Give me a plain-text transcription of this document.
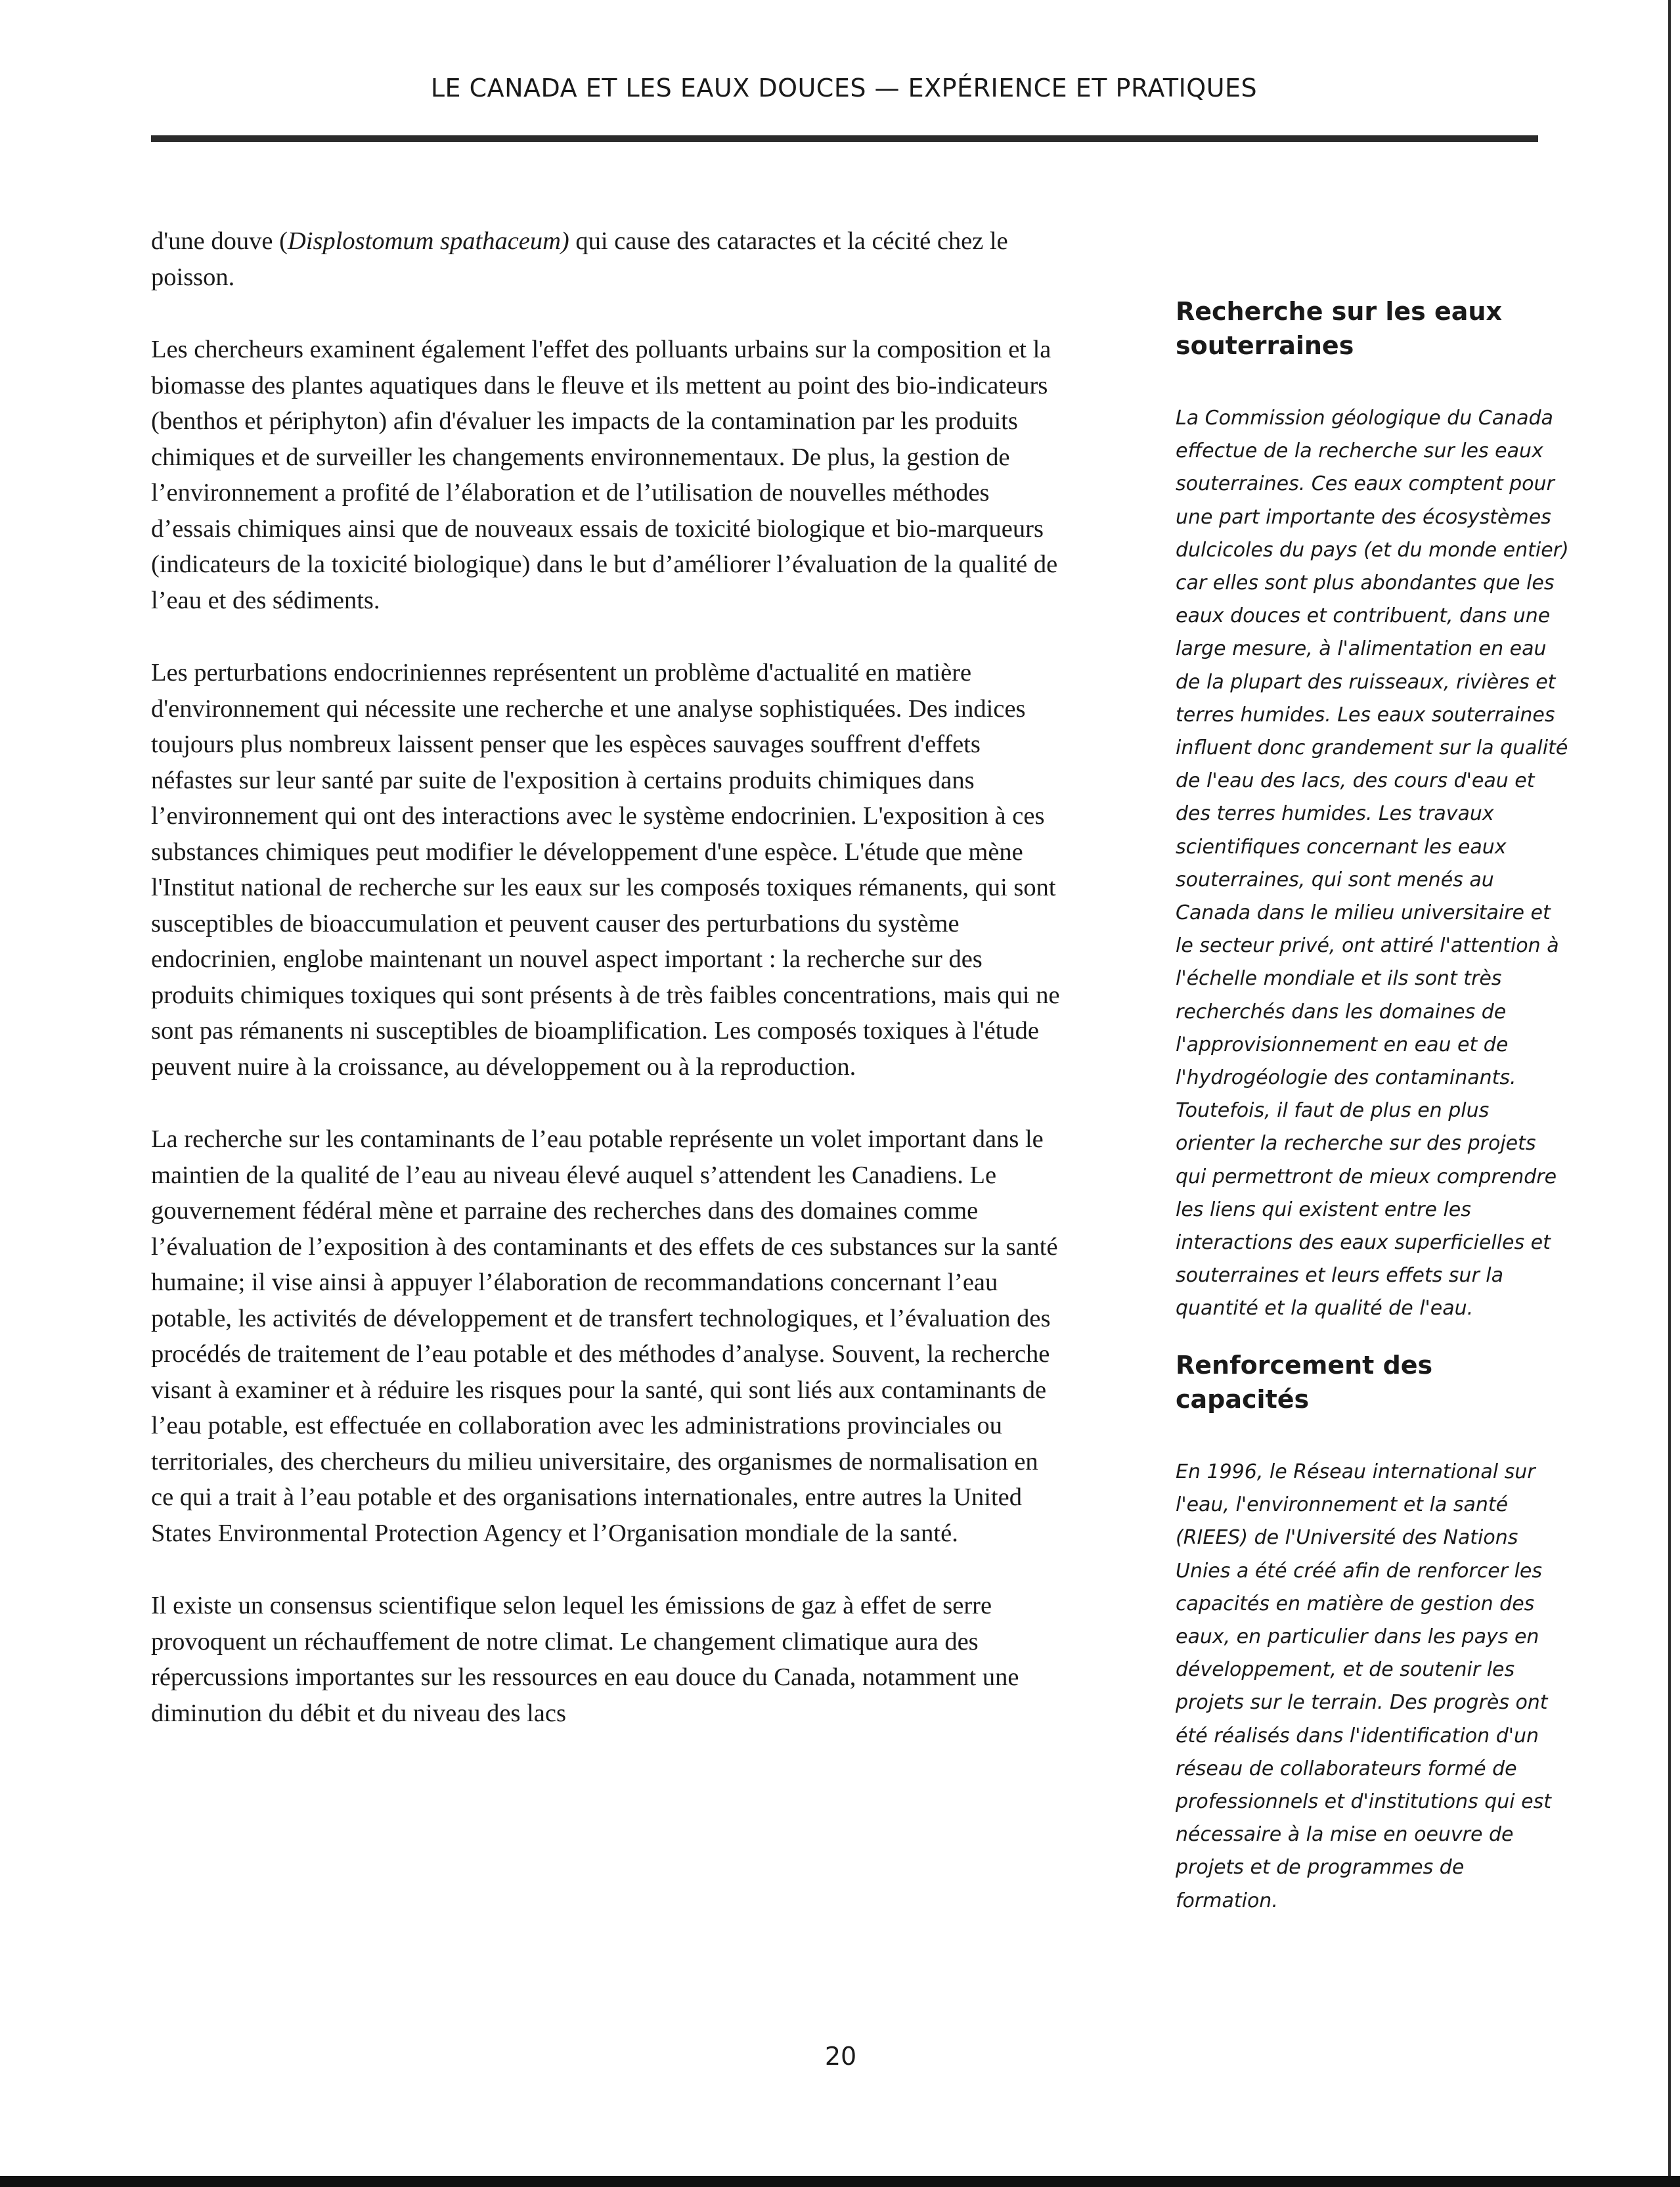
LE CANADA ET LES EAUX DOUCES — EXPÉRIENCE ET PRATIQUES

d'une douve (Displostomum spathaceum) qui cause des cataractes et la cécité chez le poisson.

Les chercheurs examinent également l'effet des polluants urbains sur la composition et la biomasse des plantes aquatiques dans le fleuve et ils mettent au point des bio-indicateurs (benthos et périphyton) afin d'évaluer les impacts de la contamination par les produits chimiques et de surveiller les changements environnementaux. De plus, la gestion de l’environnement a profité de l’élaboration et de l’utilisation de nouvelles méthodes d’essais chimiques ainsi que de nouveaux essais de toxicité biologique et bio-marqueurs (indicateurs de la toxicité biologique) dans le but d’améliorer l’évaluation de la qualité de l’eau et des sédiments.

Les perturbations endocriniennes représentent un problème d'actualité en matière d'environnement qui nécessite une recherche et une analyse sophistiquées. Des indices toujours plus nombreux laissent penser que les espèces sauvages souffrent d'effets néfastes sur leur santé par suite de l'exposition à certains produits chimiques dans l’environnement qui ont des interactions avec le système endocrinien. L'exposition à ces substances chimiques peut modifier le développement d'une espèce. L'étude que mène l'Institut national de recherche sur les eaux sur les composés toxiques rémanents, qui sont susceptibles de bioaccumulation et peuvent causer des perturbations du système endocrinien, englobe maintenant un nouvel aspect important : la recherche sur des produits chimiques toxiques qui sont présents à de très faibles concentrations, mais qui ne sont pas rémanents ni susceptibles de bioamplification. Les composés toxiques à l'étude peuvent nuire à la croissance, au développement ou à la reproduction.

La recherche sur les contaminants de l’eau potable représente un volet important dans le maintien de la qualité de l’eau au niveau élevé auquel s’attendent les Canadiens. Le gouvernement fédéral mène et parraine des recherches dans des domaines comme l’évaluation de l’exposition à des contaminants et des effets de ces substances sur la santé humaine; il vise ainsi à appuyer l’élaboration de recommandations concernant l’eau potable, les activités de développement et de transfert technologiques, et l’évaluation des procédés de traitement de l’eau potable et des méthodes d’analyse. Souvent, la recherche visant à examiner et à réduire les risques pour la santé, qui sont liés aux contaminants de l’eau potable, est effectuée en collaboration avec les administrations provinciales ou territoriales, des chercheurs du milieu universitaire, des organismes de normalisation en ce qui a trait à l’eau potable et des organisations internationales, entre autres la United States Environmental Protection Agency et l’Organisation mondiale de la santé.

Il existe un consensus scientifique selon lequel les émissions de gaz à effet de serre provoquent un réchauffement de notre climat. Le changement climatique aura des répercussions importantes sur les ressources en eau douce du Canada, notamment une diminution du débit et du niveau des lacs

Recherche sur les eaux souterraines

La Commission géologique du Canada effectue de la recherche sur les eaux souterraines. Ces eaux comptent pour une part importante des écosystèmes dulcicoles du pays (et du monde entier) car elles sont plus abondantes que les eaux douces et contribuent, dans une large mesure, à l'alimentation en eau de la plupart des ruisseaux, rivières et terres humides. Les eaux souterraines influent donc grandement sur la qualité de l'eau des lacs, des cours d'eau et des terres humides. Les travaux scientifiques concernant les eaux souterraines, qui sont menés au Canada dans le milieu universitaire et le secteur privé, ont attiré l'attention à l'échelle mondiale et ils sont très recherchés dans les domaines de l'approvisionnement en eau et de l'hydrogéologie des contaminants. Toutefois, il faut de plus en plus orienter la recherche sur des projets qui permettront de mieux comprendre les liens qui existent entre les interactions des eaux superficielles et souterraines et leurs effets sur la quantité et la qualité de l'eau.

Renforcement des capacités

En 1996, le Réseau international sur l'eau, l'environnement et la santé (RIEES) de l'Université des Nations Unies a été créé afin de renforcer les capacités en matière de gestion des eaux, en particulier dans les pays en développement, et de soutenir les projets sur le terrain. Des progrès ont été réalisés dans l'identification d'un réseau de collaborateurs formé de professionnels et d'institutions qui est nécessaire à la mise en oeuvre de projets et de programmes de formation.

20
